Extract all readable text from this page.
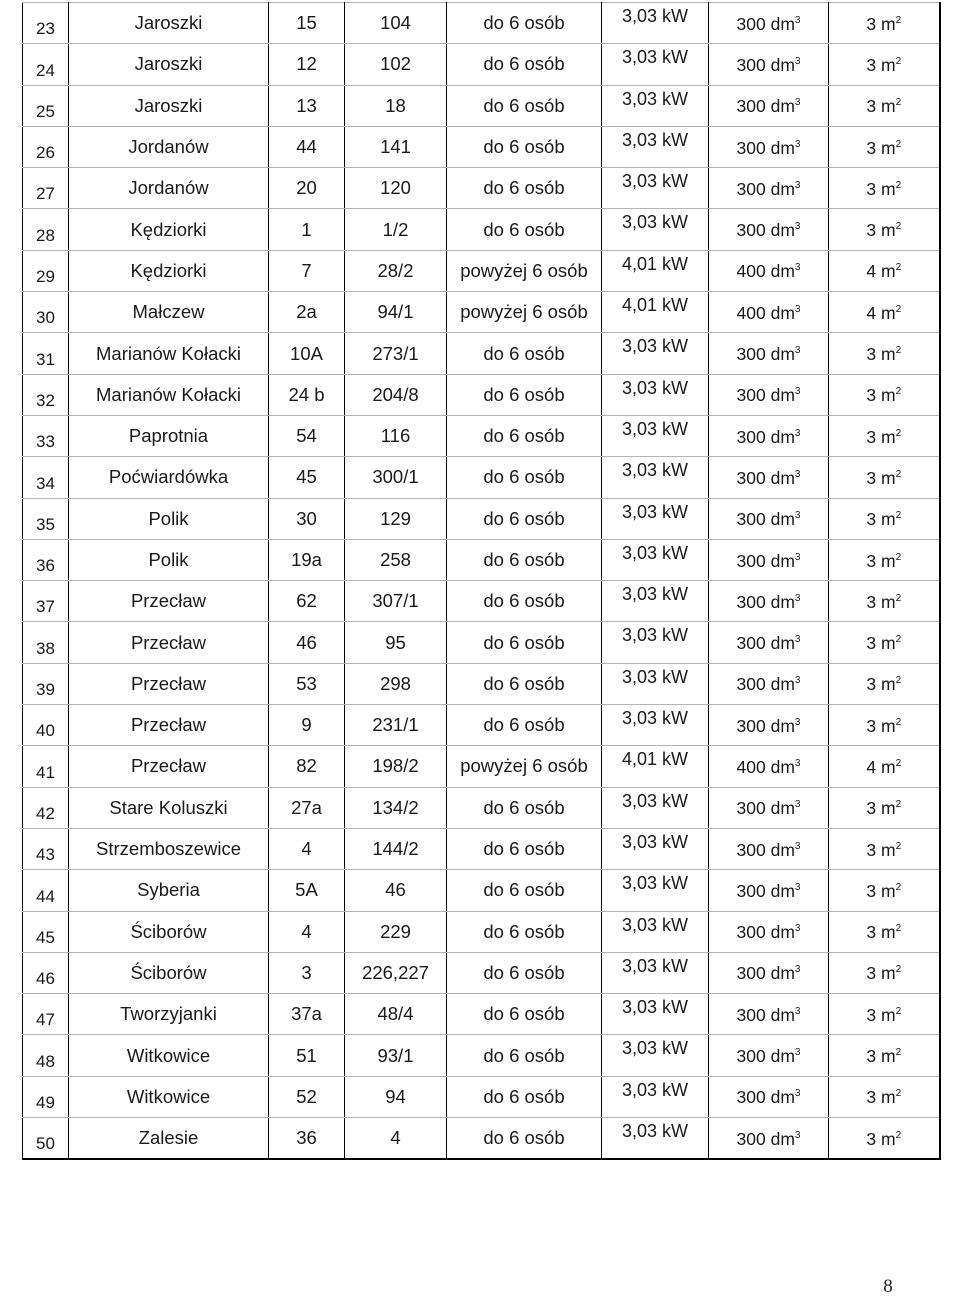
23	Jaroszki	15	104	do 6 osób	3,03 kW	300 $dm^3$	3 $m^2$
24	Jaroszki	12	102	do 6 osób	3,03 kW	300 $dm^3$	3 $m^2$
25	Jaroszki	13	18	do 6 osób	3,03 kW	300 $dm^3$	3 $m^2$
26	Jordanów	44	141	do 6 osób	3,03 kW	300 $dm^3$	3 $m^2$
27	Jordanów	20	120	do 6 osób	3,03 kW	300 $dm^3$	3 $m^2$
28	Kędziorki	1	1/2	do 6 osób	3,03 kW	300 $dm^3$	3 $m^2$
29	Kędziorki	7	28/2	powyżej 6 osób	4,01 kW	400 $dm^3$	4 $m^2$
30	Małczew	2a	94/1	powyżej 6 osób	4,01 kW	400 $dm^3$	4 $m^2$
31	Marianów Kołacki	10A	273/1	do 6 osób	3,03 kW	300 $dm^3$	3 $m^2$
32	Marianów Kołacki	24 b	204/8	do 6 osób	3,03 kW	300 $dm^3$	3 $m^2$
33	Paprotnia	54	116	do 6 osób	3,03 kW	300 $dm^3$	3 $m^2$
34	Poćwiardówka	45	300/1	do 6 osób	3,03 kW	300 $dm^3$	3 $m^2$
35	Polik	30	129	do 6 osób	3,03 kW	300 $dm^3$	3 $m^2$
36	Polik	19a	258	do 6 osób	3,03 kW	300 $dm^3$	3 $m^2$
37	Przecław	62	307/1	do 6 osób	3,03 kW	300 $dm^3$	3 $m^2$
38	Przecław	46	95	do 6 osób	3,03 kW	300 $dm^3$	3 $m^2$
39	Przecław	53	298	do 6 osób	3,03 kW	300 $dm^3$	3 $m^2$
40	Przecław	9	231/1	do 6 osób	3,03 kW	300 $dm^3$	3 $m^2$
41	Przecław	82	198/2	powyżej 6 osób	4,01 kW	400 $dm^3$	4 $m^2$
42	Stare Koluszki	27a	134/2	do 6 osób	3,03 kW	300 $dm^3$	3 $m^2$
43	Strzemboszewice	4	144/2	do 6 osób	3,03 kW	300 $dm^3$	3 $m^2$
44	Syberia	5A	46	do 6 osób	3,03 kW	300 $dm^3$	3 $m^2$
45	Ściborów	4	229	do 6 osób	3,03 kW	300 $dm^3$	3 $m^2$
46	Ściborów	3	226,227	do 6 osób	3,03 kW	300 $dm^3$	3 $m^2$
47	Tworzyjanki	37a	48/4	do 6 osób	3,03 kW	300 $dm^3$	3 $m^2$
48	Witkowice	51	93/1	do 6 osób	3,03 kW	300 $dm^3$	3 $m^2$
49	Witkowice	52	94	do 6 osób	3,03 kW	300 $dm^3$	3 $m^2$
50	Zalesie	36	4	do 6 osób	3,03 kW	300 $dm^3$	3 $m^2$
8
